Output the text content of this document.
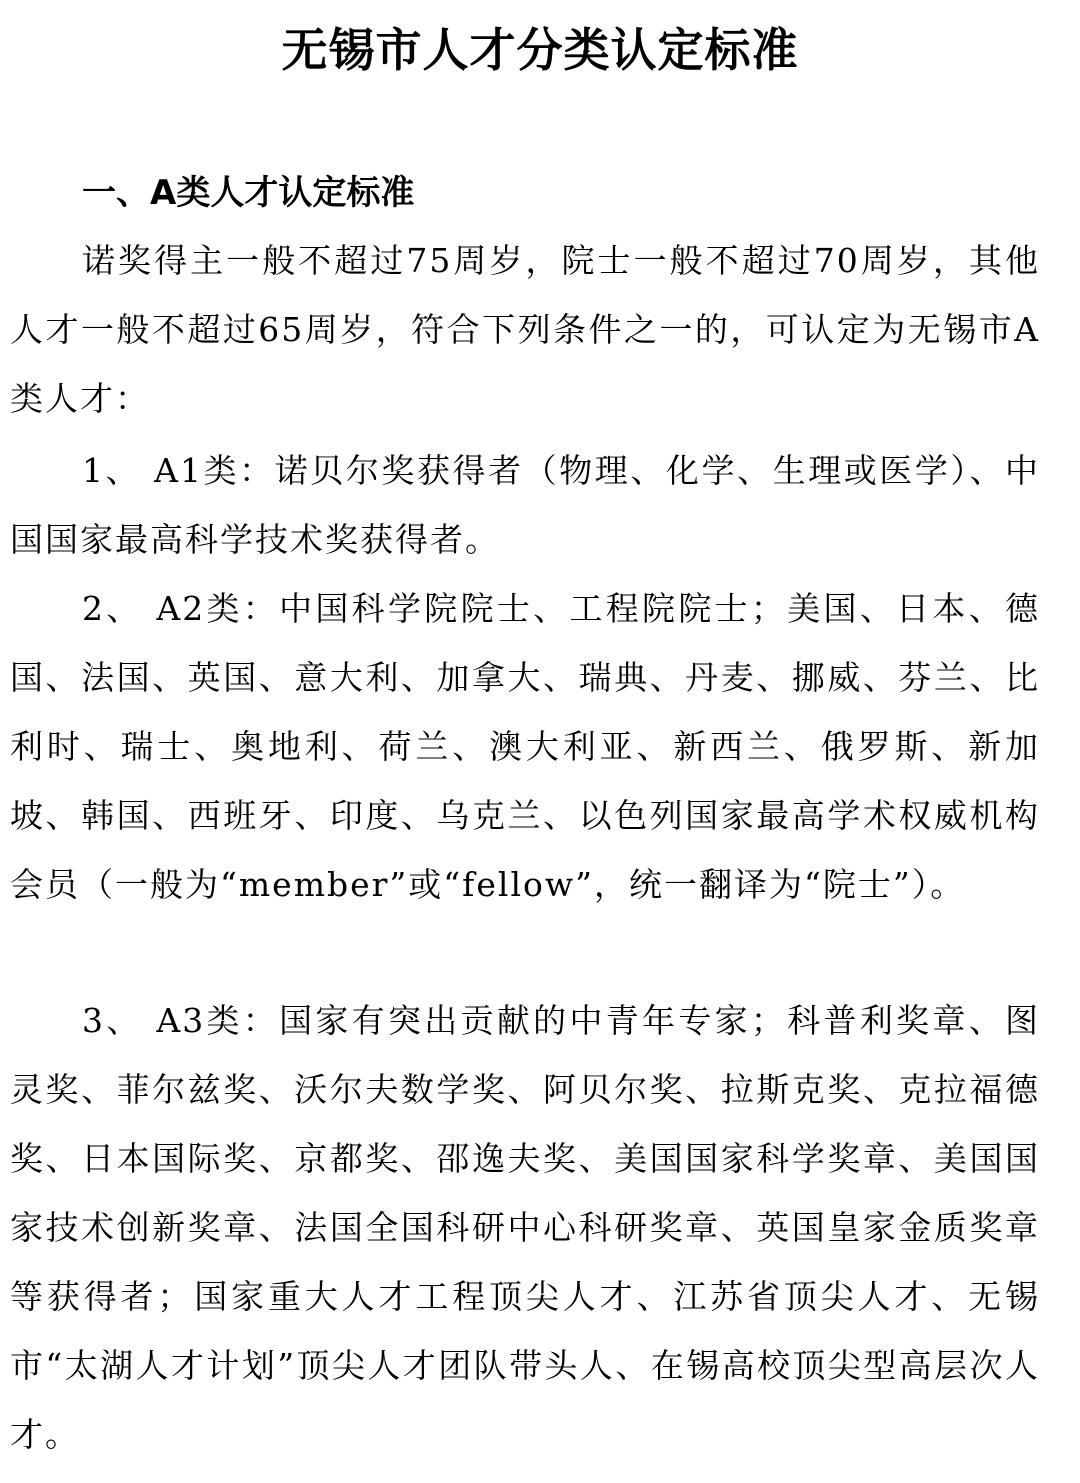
无锡市人才分类认定标准
一、A类人才认定标准

诺奖得主一般不超过75周岁，院士一般不超过70周岁，其他人才一般不超过65周岁，符合下列条件之一的，可认定为无锡市A类人才：

1、 A1类：诺贝尔奖获得者（物理、化学、生理或医学）、中国国家最高科学技术奖获得者。

2、 A2类：中国科学院院士、工程院院士；美国、日本、德国、法国、英国、意大利、加拿大、瑞典、丹麦、挪威、芬兰、比利时、瑞士、奥地利、荷兰、澳大利亚、新西兰、俄罗斯、新加坡、韩国、西班牙、印度、乌克兰、以色列国家最高学术权威机构会员（一般为“member”或“fellow”，统一翻译为“院士”）。

3、 A3类：国家有突出贡献的中青年专家；科普利奖章、图灵奖、菲尔兹奖、沃尔夫数学奖、阿贝尔奖、拉斯克奖、克拉福德奖、日本国际奖、京都奖、邵逸夫奖、美国国家科学奖章、美国国家技术创新奖章、法国全国科研中心科研奖章、英国皇家金质奖章等获得者；国家重大人才工程顶尖人才、江苏省顶尖人才、无锡市“太湖人才计划”顶尖人才团队带头人、在锡高校顶尖型高层次人才。
